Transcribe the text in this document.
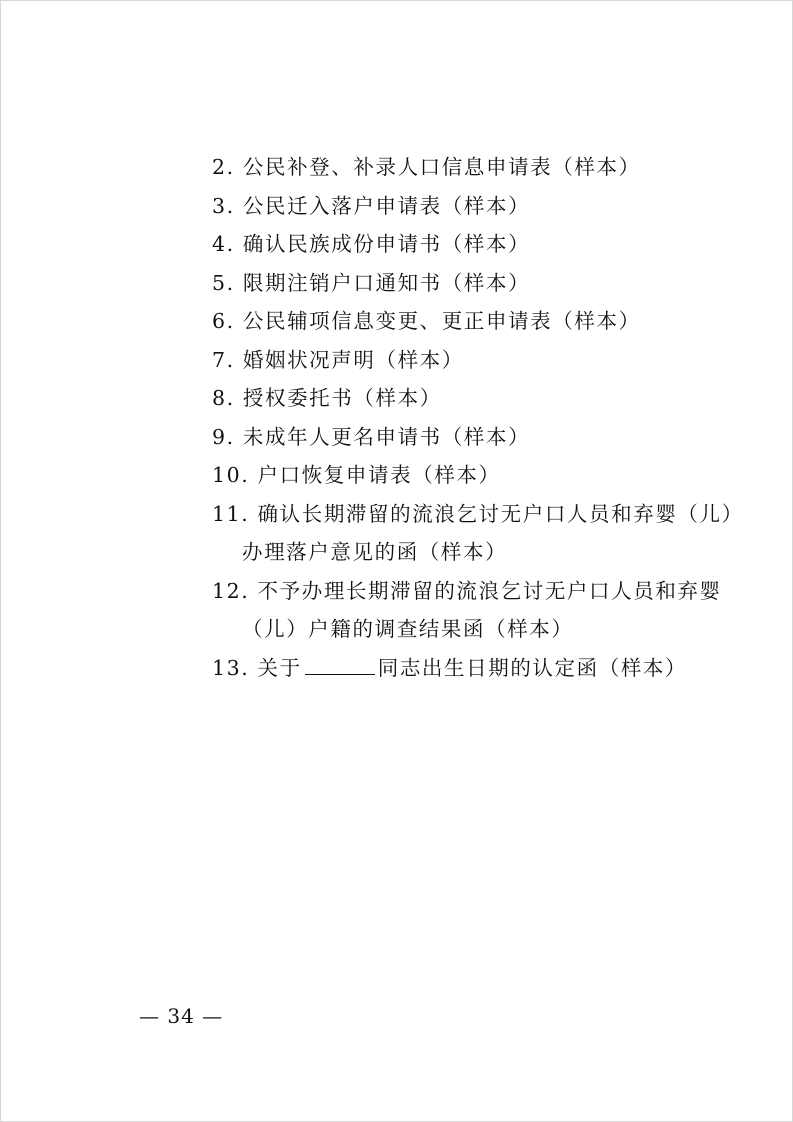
2. 公民补登、补录人口信息申请表（样本）
3. 公民迁入落户申请表（样本）
4. 确认民族成份申请书（样本）
5. 限期注销户口通知书（样本）
6. 公民辅项信息变更、更正申请表（样本）
7. 婚姻状况声明（样本）
8. 授权委托书（样本）
9. 未成年人更名申请书（样本）
10. 户口恢复申请表（样本）
11. 确认长期滞留的流浪乞讨无户口人员和弃婴（儿）
办理落户意见的函（样本）
12. 不予办理长期滞留的流浪乞讨无户口人员和弃婴
（儿）户籍的调查结果函（样本）
13. 关于	同志出生日期的认定函（样本）
— 34 —
